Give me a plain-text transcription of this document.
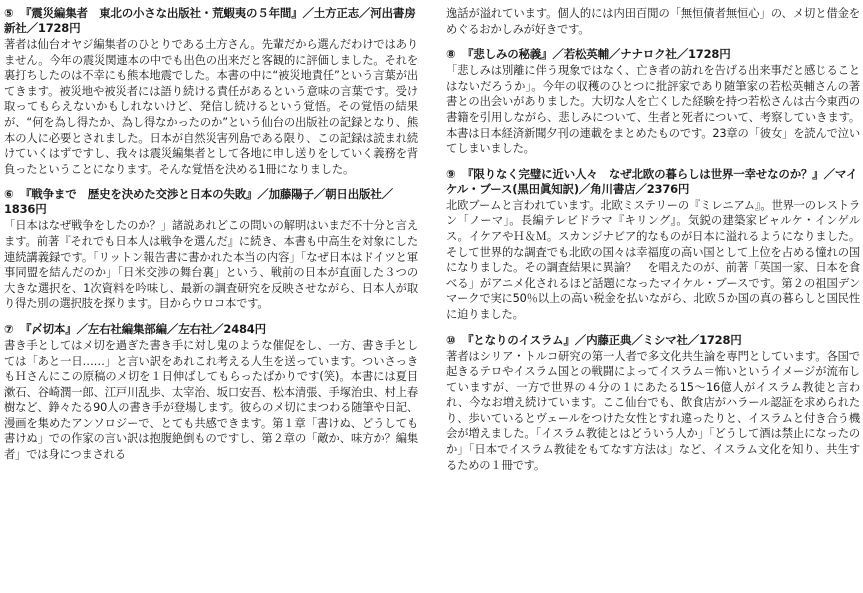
⑤ 『震災編集者　東北の小さな出版社・荒蝦夷の５年間』／土方正志／河出書房新社／1728円

著者は仙台オヤジ編集者のひとりである土方さん。先輩だから選んだわけではありません。今年の震災関連本の中でも出色の出来だと客観的に評価しました。それを裏打ちしたのは不幸にも熊本地震でした。本書の中に“被災地責任”という言葉が出てきます。被災地や被災者には語り続ける責任があるという意味の言葉です。受け取ってもらえないかもしれないけど、発信し続けるという覚悟。その覚悟の結果が、“何を為し得たか、為し得なかったのか”という仙台の出版社の記録となり、熊本の人に必要とされました。日本が自然災害列島である限り、この記録は読まれ続けていくはずですし、我々は震災編集者として各地に申し送りをしていく義務を背負ったということになります。そんな覚悟を決める1冊になりました。

⑥ 『戦争まで　歴史を決めた交渉と日本の失敗』／加藤陽子／朝日出版社／1836円

「日本はなぜ戦争をしたのか？」諸説あれどこの問いの解明はいまだ不十分と言えます。前著『それでも日本人は戦争を選んだ』に続き、本書も中高生を対象にした連続講義録です。「リットン報告書に書かれた本当の内容」「なぜ日本はドイツと軍事同盟を結んだのか」「日米交渉の舞台裏」という、戦前の日本が直面した３つの大きな選択を、1次資料を吟味し、最新の調査研究を反映させながら、日本人が取り得た別の選択肢を探ります。目からウロコ本です。

⑦ 『〆切本』／左右社編集部編／左右社／2484円

書き手としてはメ切を過ぎた書き手に対し鬼のような催促をし、一方、書き手としては「あと一日……」と言い訳をあれこれ考える人生を送っています。ついさっきもＨさんにこの原稿のメ切を１日伸ばしてもらったばかりです(笑)。本書には夏目漱石、谷崎潤一郎、江戸川乱歩、太宰治、坂口安吾、松本清張、手塚治虫、村上春樹など、錚々たる90人の書き手が登場します。彼らのメ切にまつわる随筆や日記、漫画を集めたアンソロジーで、とても共感できます。第１章「書けぬ、どうしても書けぬ」での作家の言い訳は抱腹絶倒ものですし、第２章の「敵か、味方か？編集者」では身につまされる

逸話が溢れています。個人的には内田百閒の「無恒債者無恒心」の、メ切と借金をめぐるおかしみが好きです。

⑧ 『悲しみの秘義』／若松英輔／ナナロク社／1728円

「悲しみは別離に伴う現象ではなく、亡き者の訪れを告げる出来事だと感じることはないだろうか」。今年の収穫のひとつに批評家であり随筆家の若松英輔さんの著書との出会いがありました。大切な人を亡くした経験を持つ若松さんは古今東西の書籍を引用しながら、悲しみについて、生者と死者について、考察していきます。本書は日本経済新聞夕刊の連載をまとめたものです。23章の「彼女」を読んで泣いてしまいました。

⑨ 『限りなく完璧に近い人々　なぜ北欧の暮らしは世界一幸せなのか？』／マイケル・ブース(黒田眞知訳)／角川書店／2376円

北欧ブームと言われています。北欧ミステリーの『ミレニアム』。世界一のレストラン「ノーマ」。長編テレビドラマ『キリング』。気鋭の建築家ビャルケ・インゲルス。イケアやＨ＆Ｍ。スカンジナビア的なものが日本に溢れるようになりました。そして世界的な調査でも北欧の国々は幸福度の高い国として上位を占める憧れの国になりました。その調査結果に異論？　を唱えたのが、前著「英国一家、日本を食べる」がアニメ化されるほど話題になったマイケル・ブースです。第２の祖国デンマークで実に50％以上の高い税金を払いながら、北欧５か国の真の暮らしと国民性に迫りました。

⑩ 『となりのイスラム』／内藤正典／ミシマ社／1728円

著者はシリア・トルコ研究の第一人者で多文化共生論を専門としています。各国で起きるテロやイスラム国との戦闘によってイスラム＝怖いというイメージが流布していますが、一方で世界の４分の１にあたる15〜16億人がイスラム教徒と言われ、今なお増え続けています。ここ仙台でも、飲食店がハラール認証を求められたり、歩いているとヴェールをつけた女性とすれ違ったりと、イスラムと付き合う機会が増えました。「イスラム教徒とはどういう人か」「どうして酒は禁止になったのか」「日本でイスラム教徒をもてなす方法は」など、イスラム文化を知り、共生するための１冊です。
